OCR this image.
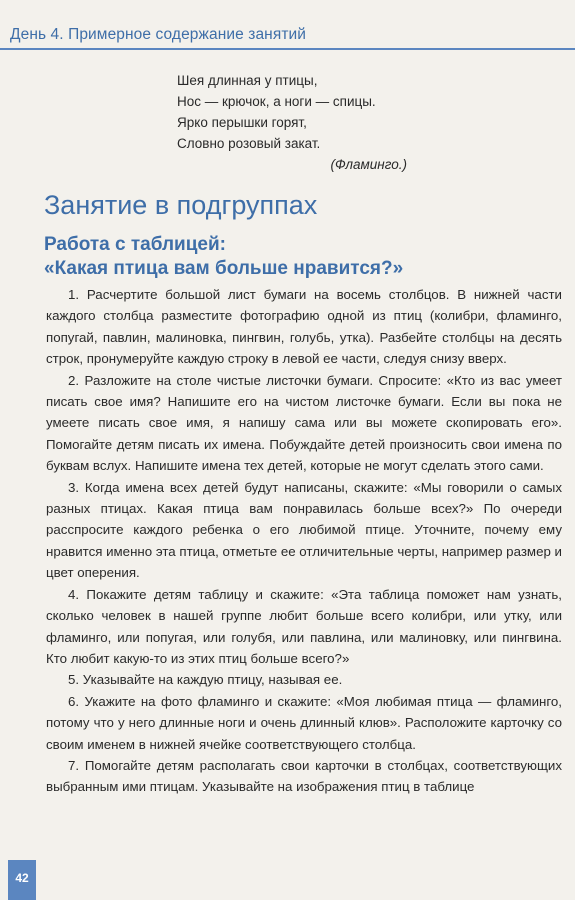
День 4. Примерное содержание занятий
Шея длинная у птицы,
Нос — крючок, а ноги — спицы.
Ярко перышки горят,
Словно розовый закат.
(Фламинго.)
Занятие в подгруппах
Работа с таблицей:
«Какая птица вам больше нравится?»

1. Расчертите большой лист бумаги на восемь столбцов. В нижней части каждого столбца разместите фотографию одной из птиц (колибри, фламинго, попугай, павлин, малиновка, пингвин, голубь, утка). Разбейте столбцы на десять строк, пронумеруйте каждую строку в левой ее части, следуя снизу вверх.

2. Разложите на столе чистые листочки бумаги. Спросите: «Кто из вас умеет писать свое имя? Напишите его на чистом листочке бумаги. Если вы пока не умеете писать свое имя, я напишу сама или вы можете скопировать его». Помогайте детям писать их имена. Побуждайте детей произносить свои имена по буквам вслух. Напишите имена тех детей, которые не могут сделать этого сами.

3. Когда имена всех детей будут написаны, скажите: «Мы говорили о самых разных птицах. Какая птица вам понравилась больше всех?» По очереди расспросите каждого ребенка о его любимой птице. Уточните, почему ему нравится именно эта птица, отметьте ее отличительные черты, например размер и цвет оперения.

4. Покажите детям таблицу и скажите: «Эта таблица поможет нам узнать, сколько человек в нашей группе любит больше всего колибри, или утку, или фламинго, или попугая, или голубя, или павлина, или малиновку, или пингвина. Кто любит какую-то из этих птиц больше всего?»

5. Указывайте на каждую птицу, называя ее.

6. Укажите на фото фламинго и скажите: «Моя любимая птица — фламинго, потому что у него длинные ноги и очень длинный клюв». Расположите карточку со своим именем в нижней ячейке соответствующего столбца.

7. Помогайте детям располагать свои карточки в столбцах, соответствующих выбранным ими птицам. Указывайте на изображения птиц в таблице

42
